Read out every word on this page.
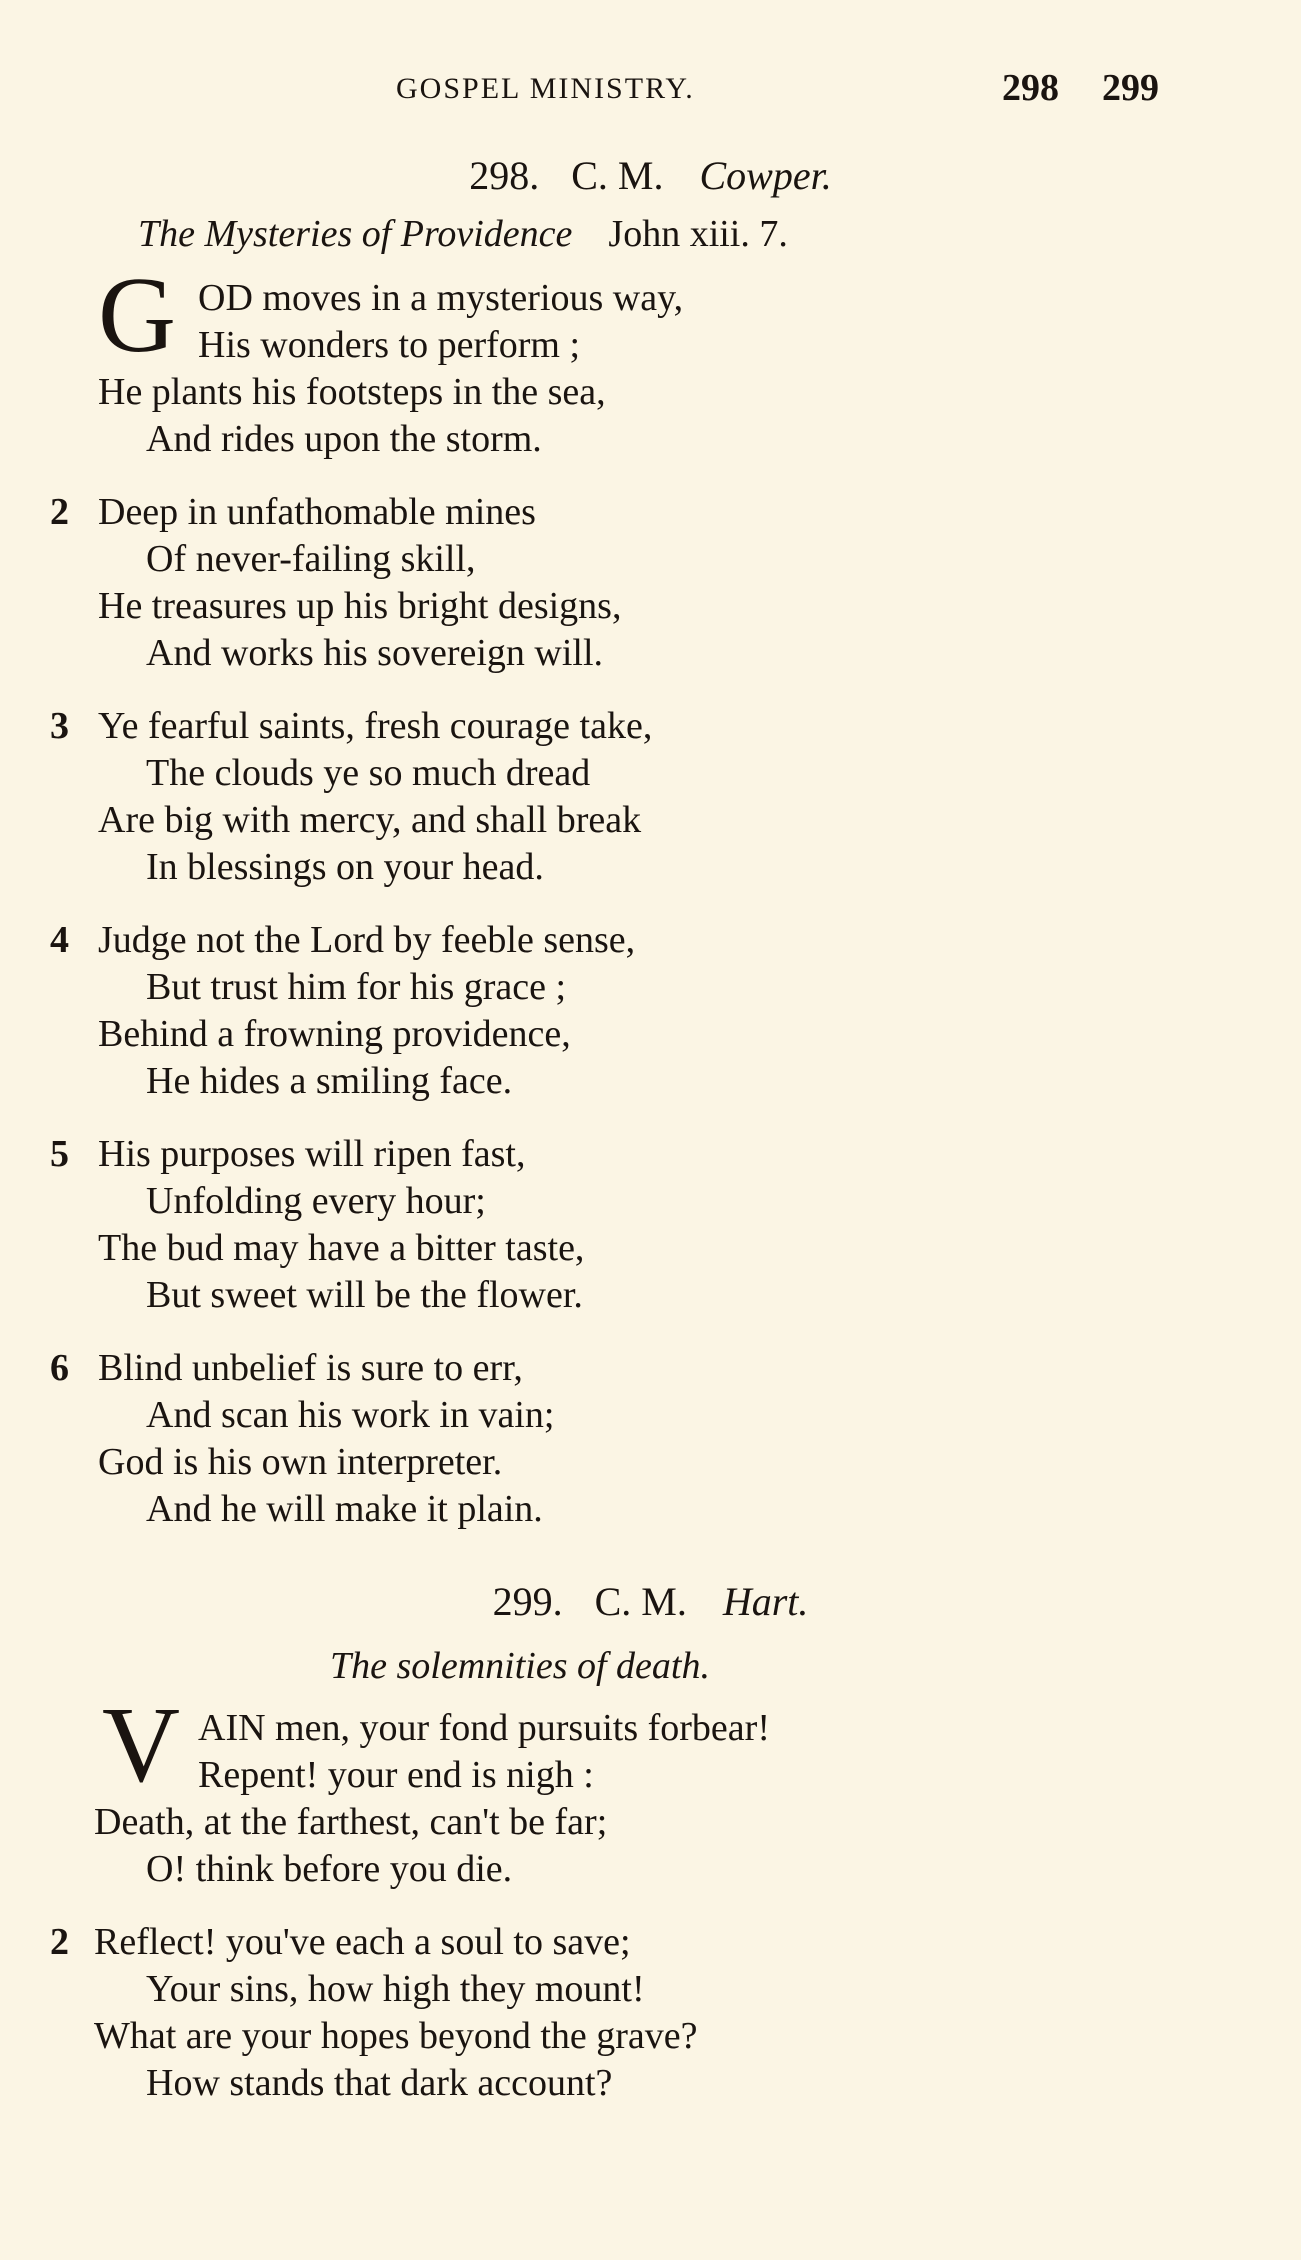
GOSPEL MINISTRY.	298 299
298. C. M. Cowper.
The Mysteries of Providence John xiii. 7.
G OD moves in a mysterious way,
His wonders to perform ;
He plants his footsteps in the sea,
And rides upon the storm.
2 Deep in unfathomable mines
Of never-failing skill,
He treasures up his bright designs,
And works his sovereign will.
3 Ye fearful saints, fresh courage take,
The clouds ye so much dread
Are big with mercy, and shall break
In blessings on your head.
4 Judge not the Lord by feeble sense,
But trust him for his grace ;
Behind a frowning providence,
He hides a smiling face.
5 His purposes will ripen fast,
Unfolding every hour;
The bud may have a bitter taste,
But sweet will be the flower.
6 Blind unbelief is sure to err,
And scan his work in vain;
God is his own interpreter.
And he will make it plain.
299. C. M. Hart.
The solemnities of death.
V AIN men, your fond pursuits forbear!
Repent! your end is nigh :
Death, at the farthest, can't be far;
O! think before you die.
2 Reflect! you've each a soul to save;
Your sins, how high they mount!
What are your hopes beyond the grave?
How stands that dark account?
